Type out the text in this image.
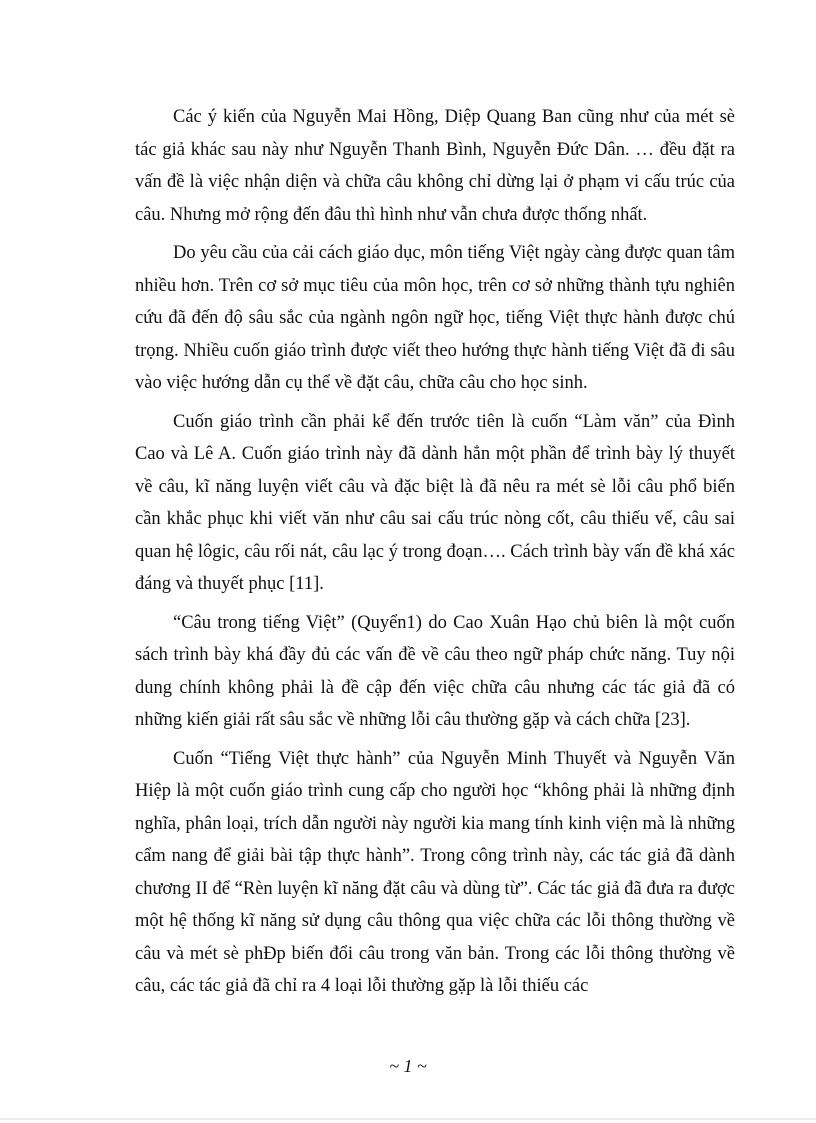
Các ý kiến của Nguyễn Mai Hồng, Diệp Quang Ban cũng như của mét sè tác giả khác sau này như Nguyễn Thanh Bình, Nguyễn Đức Dân. … đều đặt ra vấn đề là việc nhận diện và chữa câu không chỉ dừng lại ở phạm vi cấu trúc của câu. Nhưng mở rộng đến đâu thì hình như vẫn chưa được thống nhất.

Do yêu cầu của cải cách giáo dục, môn tiếng Việt ngày càng được quan tâm nhiều hơn. Trên cơ sở mục tiêu của môn học, trên cơ sở những thành tựu nghiên cứu đã đến độ sâu sắc của ngành ngôn ngữ học, tiếng Việt thực hành được chú trọng. Nhiều cuốn giáo trình được viết theo hướng thực hành tiếng Việt đã đi sâu vào việc hướng dẫn cụ thể về đặt câu, chữa câu cho học sinh.

Cuốn giáo trình cần phải kể đến trước tiên là cuốn “Làm văn” của Đình Cao và Lê A. Cuốn giáo trình này đã dành hẳn một phần để trình bày lý thuyết về câu, kĩ năng luyện viết câu và đặc biệt là đã nêu ra mét sè lỗi câu phổ biến cần khắc phục khi viết văn như câu sai cấu trúc nòng cốt, câu thiếu vế, câu sai quan hệ lôgic, câu rối nát, câu lạc ý trong đoạn…. Cách trình bày vấn đề khá xác đáng và thuyết phục [11].

“Câu trong tiếng Việt” (Quyển1) do Cao Xuân Hạo chủ biên là một cuốn sách trình bày khá đầy đủ các vấn đề về câu theo ngữ pháp chức năng. Tuy nội dung chính không phải là đề cập đến việc chữa câu nhưng các tác giả đã có những kiến giải rất sâu sắc về những lỗi câu thường gặp và cách chữa [23].

Cuốn “Tiếng Việt thực hành” của Nguyễn Minh Thuyết và Nguyễn Văn Hiệp là một cuốn giáo trình cung cấp cho người học “không phải là những định nghĩa, phân loại, trích dẫn người này người kia mang tính kinh viện mà là những cẩm nang để giải bài tập thực hành”. Trong công trình này, các tác giả đã dành chương II để “Rèn luyện kĩ năng đặt câu và dùng từ”. Các tác giả đã đưa ra được một hệ thống kĩ năng sử dụng câu thông qua việc chữa các lỗi thông thường về câu và mét sè phÐp biến đổi câu trong văn bản. Trong các lỗi thông thường về câu, các tác giả đã chỉ ra 4 loại lỗi thường gặp là lỗi thiếu các

~ 1 ~
